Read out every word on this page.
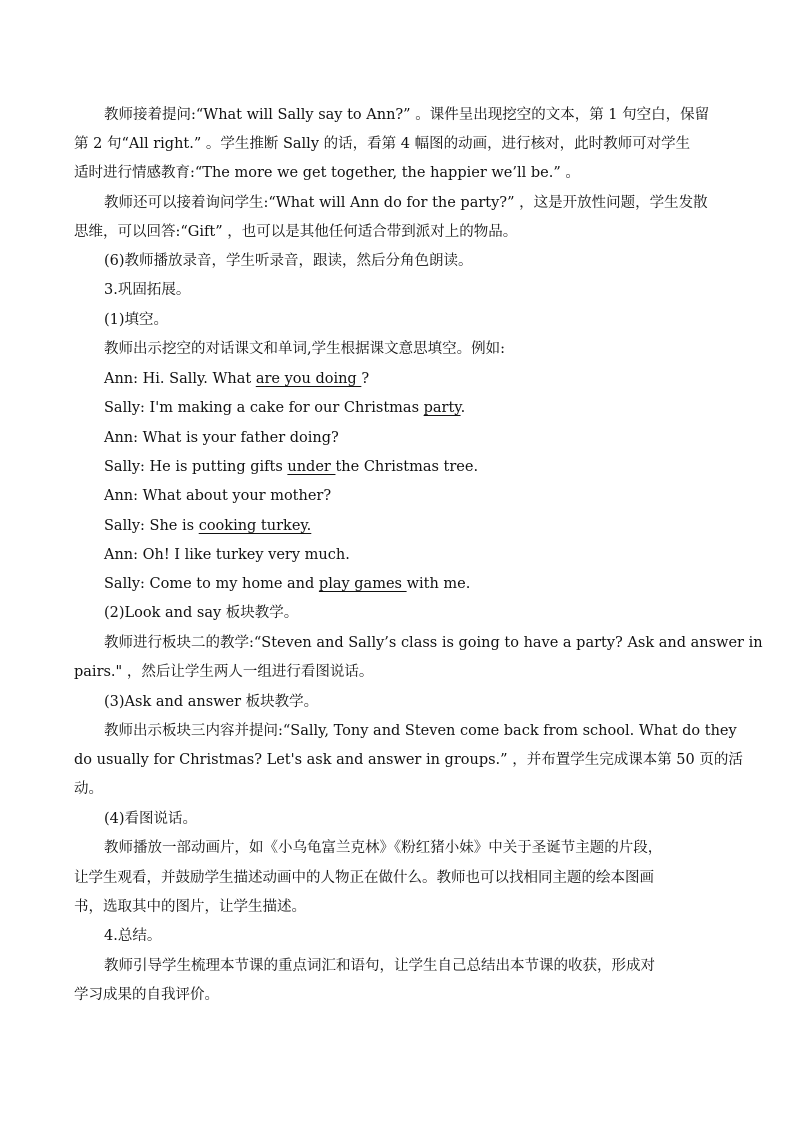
教师接着提问:“What will Sally say to Ann?” 。课件呈出现挖空的文本，第 1 句空白，保留
第 2 句“All right.” 。学生推断 Sally 的话，看第 4 幅图的动画，进行核对，此时教师可对学生
适时进行情感教育:“The more we get together, the happier we’ll be.” 。
教师还可以接着询问学生:“What will Ann do for the party?” ，这是开放性问题，学生发散
思维，可以回答:“Gift” ，也可以是其他任何适合带到派对上的物品。
(6)教师播放录音，学生听录音，跟读，然后分角色朗读。
3.巩固拓展。
(1)填空。
教师出示挖空的对话课文和单词,学生根据课文意思填空。例如:
Ann: Hi. Sally. What are you doing ?
Sally: I'm making a cake for our Christmas party.
Ann: What is your father doing?
Sally: He is putting gifts under the Christmas tree.
Ann: What about your mother?
Sally: She is cooking turkey.
Ann: Oh! I like turkey very much.
Sally: Come to my home and play games with me.
(2)Look and say 板块教学。
教师进行板块二的教学:“Steven and Sally’s class is going to have a party? Ask and answer in
pairs." ，然后让学生两人一组进行看图说话。
(3)Ask and answer 板块教学。
教师出示板块三内容并提问:“Sally, Tony and Steven come back from school. What do they
do usually for Christmas? Let's ask and answer in groups.” ，并布置学生完成课本第 50 页的活
动。
(4)看图说话。
教师播放一部动画片，如《小乌龟富兰克林》《粉红猪小妹》中关于圣诞节主题的片段，
让学生观看，并鼓励学生描述动画中的人物正在做什么。教师也可以找相同主题的绘本图画
书，选取其中的图片，让学生描述。
4.总结。
教师引导学生梳理本节课的重点词汇和语句，让学生自己总结出本节课的收获，形成对
学习成果的自我评价。
